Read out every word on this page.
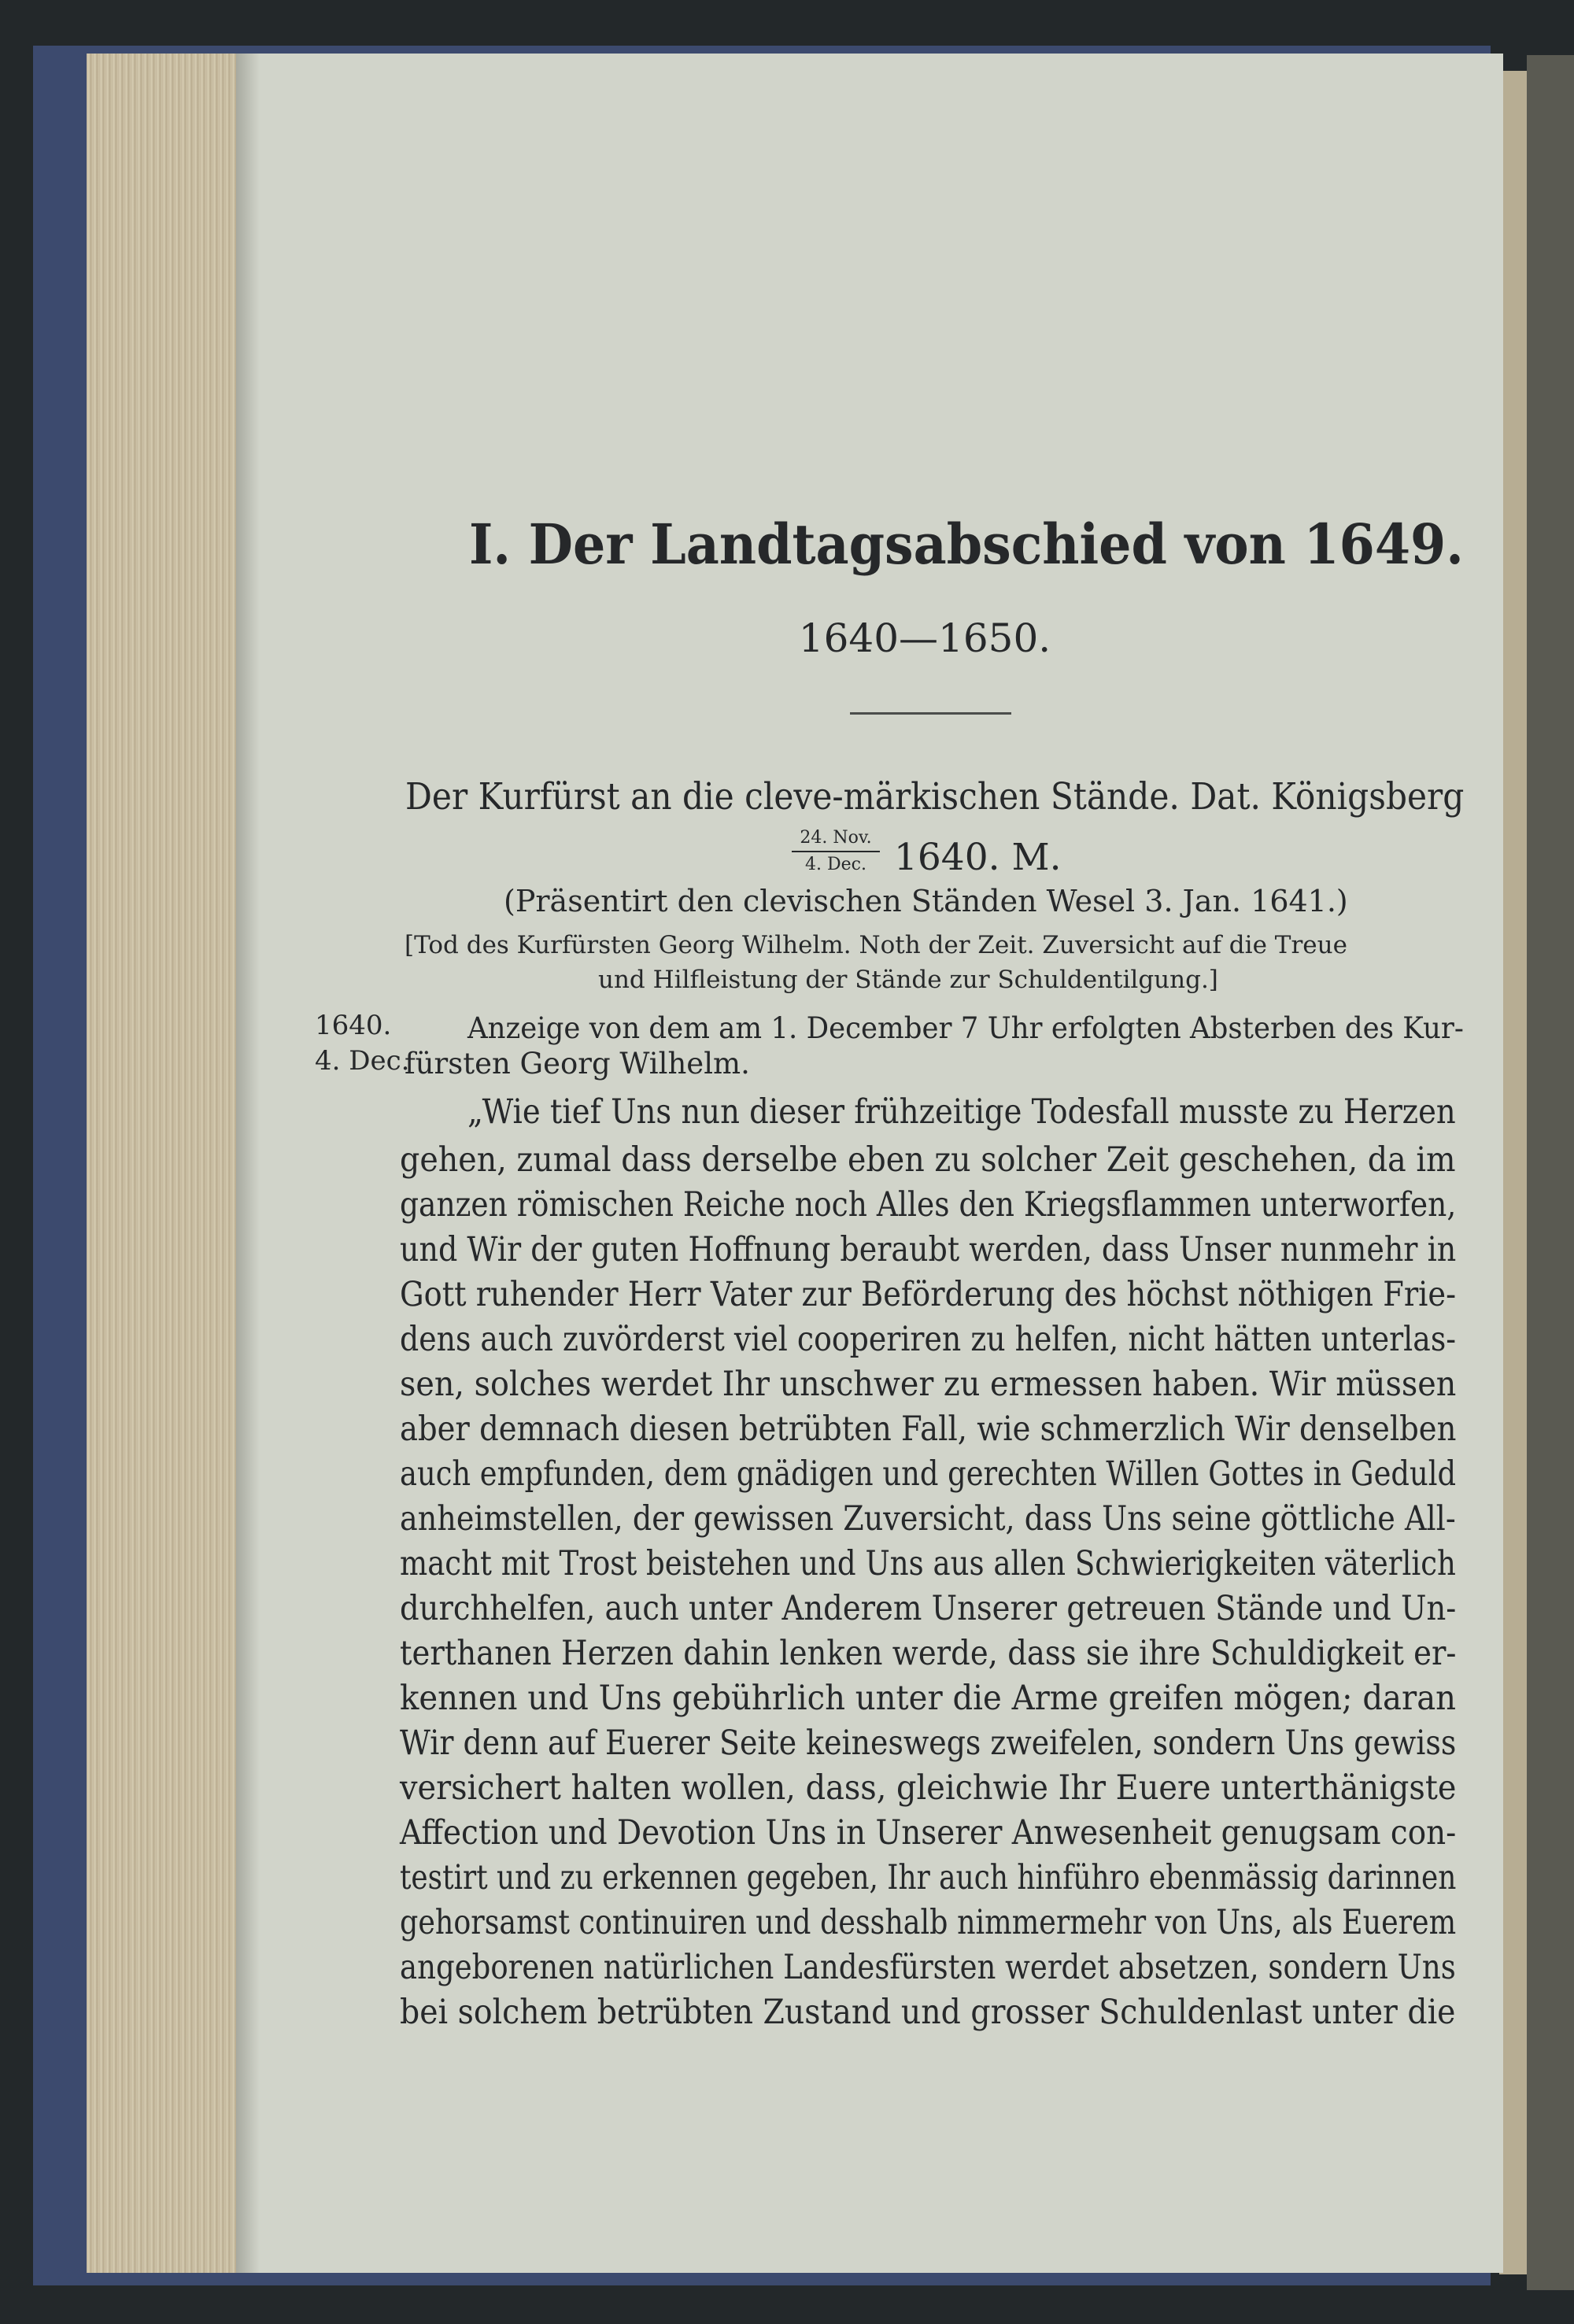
I. Der Landtagsabschied von 1649.
1640—1650.
Der Kurfürst an die cleve-märkischen Stände. Dat. Königsberg
24. Nov.
4. Dec. 1640. M.
(Präsentirt den clevischen Ständen Wesel 3. Jan. 1641.)
[Tod des Kurfürsten Georg Wilhelm. Noth der Zeit. Zuversicht auf die Treue
und Hilfleistung der Stände zur Schuldentilgung.]
1640.
4. Dec.
Anzeige von dem am 1. December 7 Uhr erfolgten Absterben des Kur-
fürsten Georg Wilhelm.
„Wie tief Uns nun dieser frühzeitige Todesfall musste zu Herzen
gehen, zumal dass derselbe eben zu solcher Zeit geschehen, da im
ganzen römischen Reiche noch Alles den Kriegsflammen unterworfen,
und Wir der guten Hoffnung beraubt werden, dass Unser nunmehr in
Gott ruhender Herr Vater zur Beförderung des höchst nöthigen Frie-
dens auch zuvörderst viel cooperiren zu helfen, nicht hätten unterlas-
sen, solches werdet Ihr unschwer zu ermessen haben. Wir müssen
aber demnach diesen betrübten Fall, wie schmerzlich Wir denselben
auch empfunden, dem gnädigen und gerechten Willen Gottes in Geduld
anheimstellen, der gewissen Zuversicht, dass Uns seine göttliche All-
macht mit Trost beistehen und Uns aus allen Schwierigkeiten väterlich
durchhelfen, auch unter Anderem Unserer getreuen Stände und Un-
terthanen Herzen dahin lenken werde, dass sie ihre Schuldigkeit er-
kennen und Uns gebührlich unter die Arme greifen mögen; daran
Wir denn auf Euerer Seite keineswegs zweifelen, sondern Uns gewiss
versichert halten wollen, dass, gleichwie Ihr Euere unterthänigste
Affection und Devotion Uns in Unserer Anwesenheit genugsam con-
testirt und zu erkennen gegeben, Ihr auch hinführo ebenmässig darinnen
gehorsamst continuiren und desshalb nimmermehr von Uns, als Euerem
angeborenen natürlichen Landesfürsten werdet absetzen, sondern Uns
bei solchem betrübten Zustand und grosser Schuldenlast unter die
